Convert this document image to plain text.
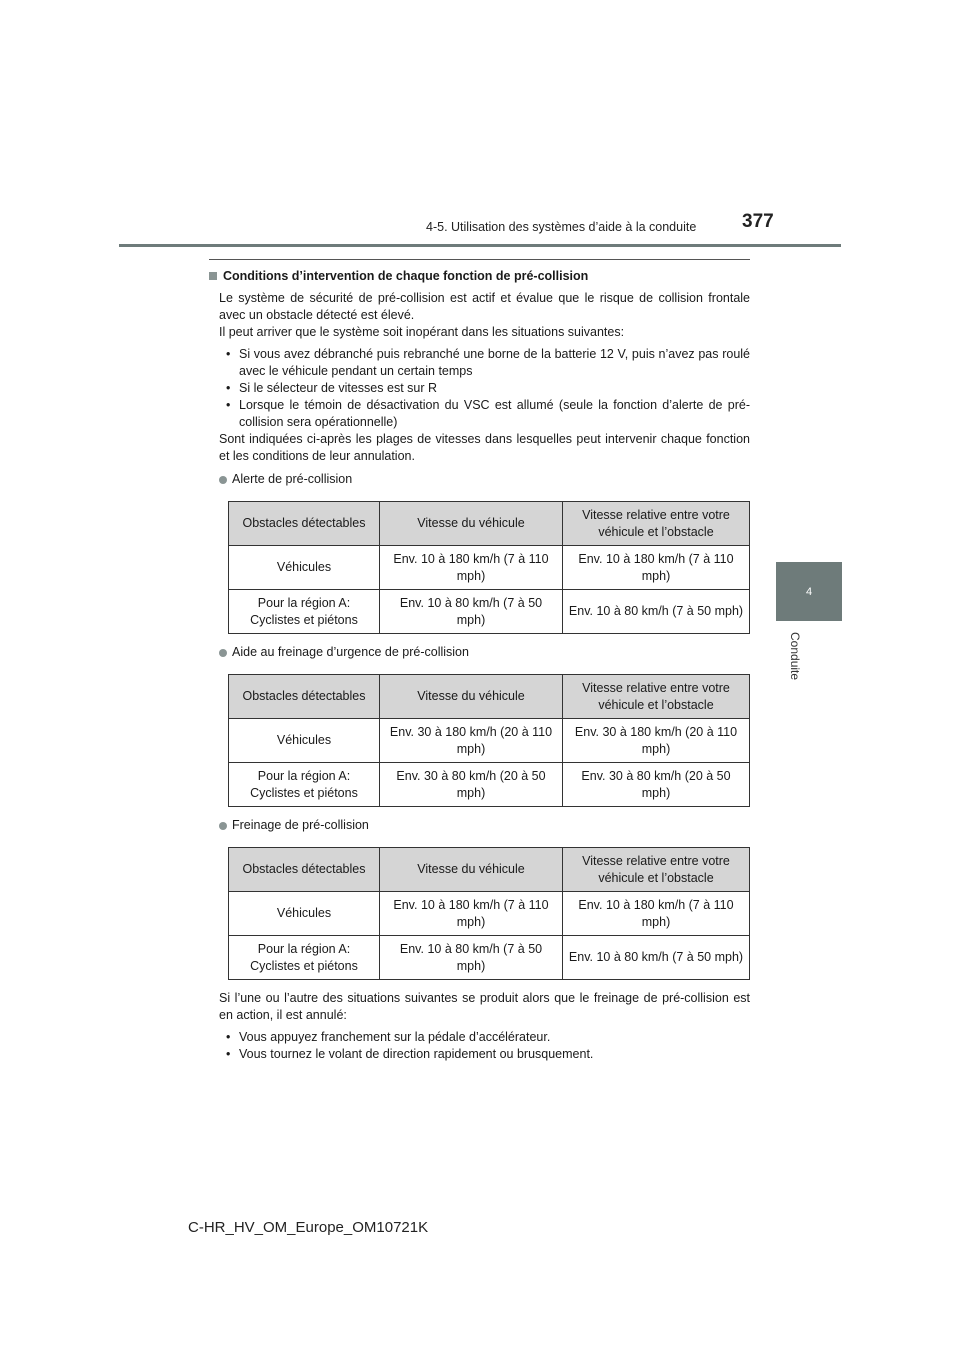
4-5. Utilisation des systèmes d’aide à la conduite 377
4
Conduite
Conditions d’intervention de chaque fonction de pré-collision
Le système de sécurité de pré-collision est actif et évalue que le risque de collision frontale avec un obstacle détecté est élevé.
Il peut arriver que le système soit inopérant dans les situations suivantes:
• Si vous avez débranché puis rebranché une borne de la batterie 12 V, puis n’avez pas roulé avec le véhicule pendant un certain temps
• Si le sélecteur de vitesses est sur R
• Lorsque le témoin de désactivation du VSC est allumé (seule la fonction d’alerte de pré-collision sera opérationnelle)
Sont indiquées ci-après les plages de vitesses dans lesquelles peut intervenir chaque fonction et les conditions de leur annulation.
Alerte de pré-collision
Obstacles détectables	Vitesse du véhicule	Vitesse relative entre votre véhicule et l’obstacle
Véhicules	Env. 10 à 180 km/h (7 à 110 mph)	Env. 10 à 180 km/h (7 à 110 mph)
Pour la région A: Cyclistes et piétons	Env. 10 à 80 km/h (7 à 50 mph)	Env. 10 à 80 km/h (7 à 50 mph)
Aide au freinage d’urgence de pré-collision
Obstacles détectables	Vitesse du véhicule	Vitesse relative entre votre véhicule et l’obstacle
Véhicules	Env. 30 à 180 km/h (20 à 110 mph)	Env. 30 à 180 km/h (20 à 110 mph)
Pour la région A: Cyclistes et piétons	Env. 30 à 80 km/h (20 à 50 mph)	Env. 30 à 80 km/h (20 à 50 mph)
Freinage de pré-collision
Obstacles détectables	Vitesse du véhicule	Vitesse relative entre votre véhicule et l’obstacle
Véhicules	Env. 10 à 180 km/h (7 à 110 mph)	Env. 10 à 180 km/h (7 à 110 mph)
Pour la région A: Cyclistes et piétons	Env. 10 à 80 km/h (7 à 50 mph)	Env. 10 à 80 km/h (7 à 50 mph)
Si l’une ou l’autre des situations suivantes se produit alors que le freinage de pré-collision est en action, il est annulé:
• Vous appuyez franchement sur la pédale d’accélérateur.
• Vous tournez le volant de direction rapidement ou brusquement.
C-HR_HV_OM_Europe_OM10721K
